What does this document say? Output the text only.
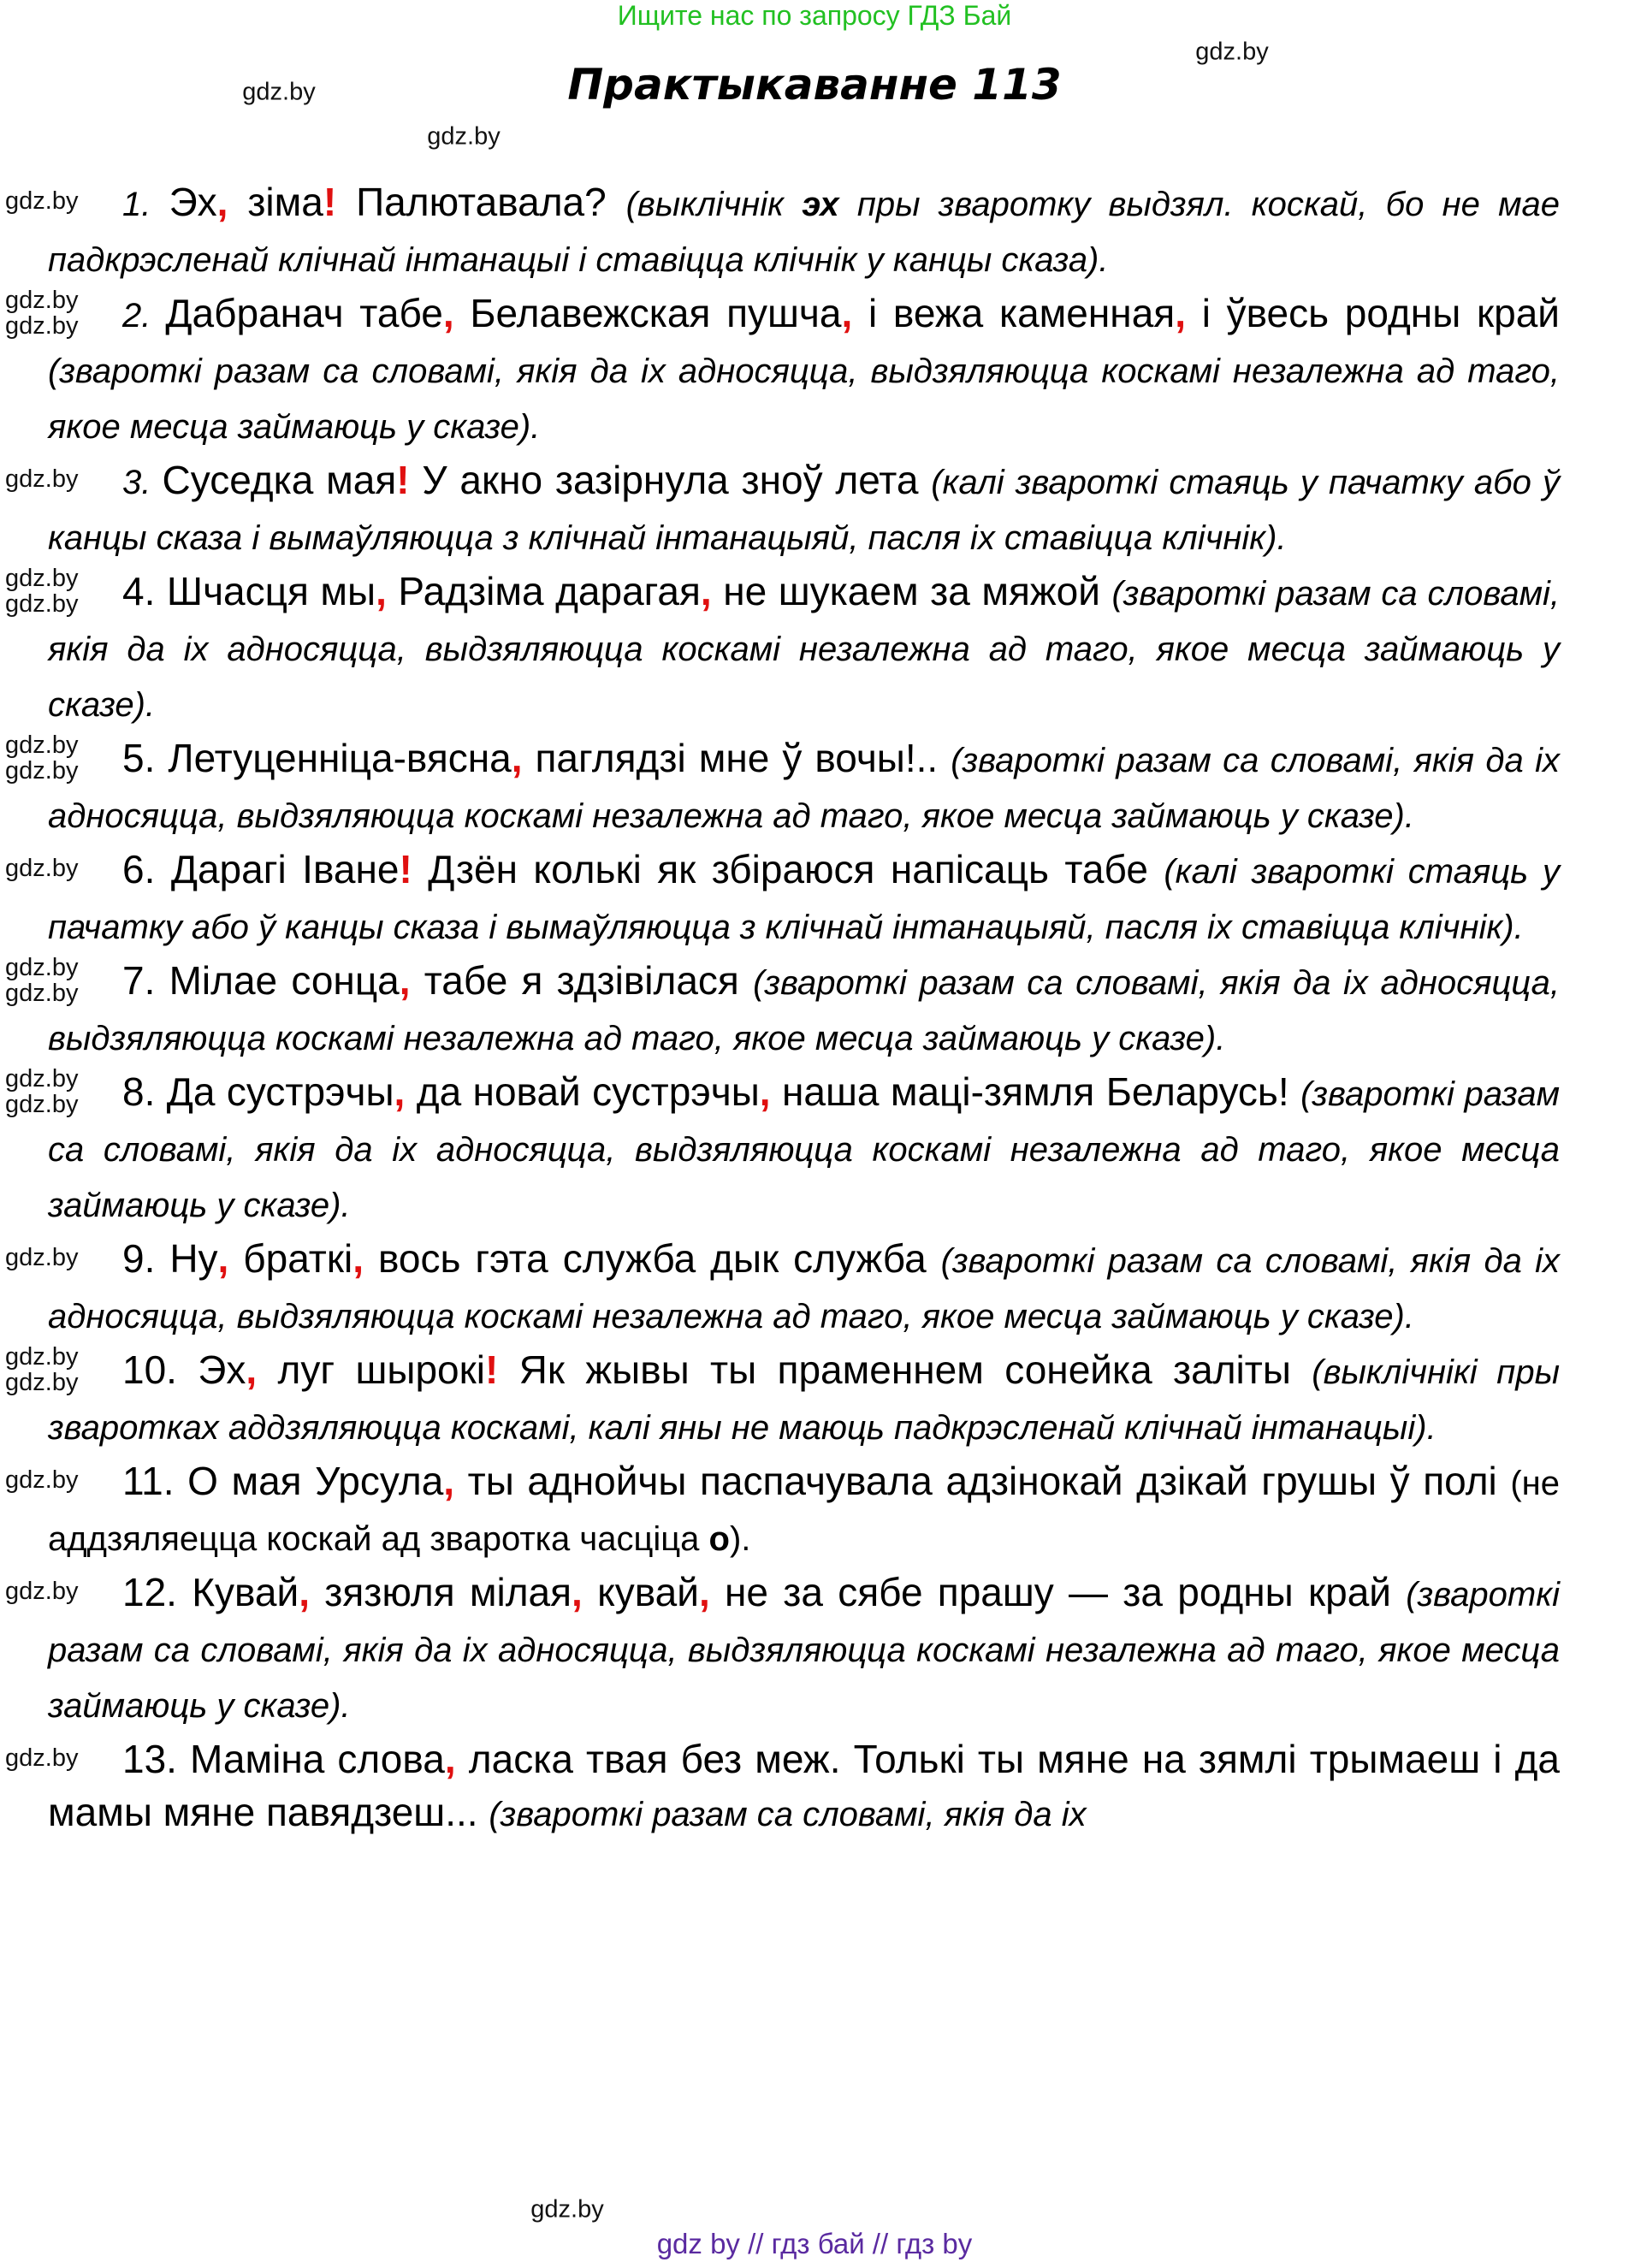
Ищите нас по запросу ГДЗ Бай
Практыкаванне 113

1. Эх, зіма! Палютавала? (выклічнік эх пры зваротку выдзял. коскай, бо не мае падкрэсленай клічнай інтанацыі і ставіцца клічнік у канцы сказа).

gdz.by

2. Дабранач табе, Белавежская пушча, і вежа каменная, і ўвесь родны край (звароткі разам са словамі, якія да іх адносяцца, выдзяляюцца коскамі незалежна ад таго, якое месца займаюць у сказе).

gdz.by
gdz.by

3. Суседка мая! У акно зазірнула зноў лета (калі звароткі стаяць у пачатку або ў канцы сказа і вымаўляюцца з клічнай інтанацыяй, пасля іх ставіцца клічнік).

gdz.by

4. Шчасця мы, Радзіма дарагая, не шукаем за мяжой (звароткі разам са словамі, якія да іх адносяцца, выдзяляюцца коскамі незалежна ад таго, якое месца займаюць у сказе).

gdz.by
gdz.by

5. Летуценніца-вясна, паглядзі мне ў вочы!.. (звароткі разам са словамі, якія да іх адносяцца, выдзяляюцца коскамі незалежна ад таго, якое месца займаюць у сказе).

gdz.by
gdz.by

6. Дарагі Іване! Дзён колькі як збіраюся напісаць табе (калі звароткі стаяць у пачатку або ў канцы сказа і вымаўляюцца з клічнай інтанацыяй, пасля іх ставіцца клічнік).

gdz.by

7. Мілае сонца, табе я здзівілася (звароткі разам са словамі, якія да іх адносяцца, выдзяляюцца коскамі незалежна ад таго, якое месца займаюць у сказе).

gdz.by
gdz.by

8. Да сустрэчы, да новай сустрэчы, наша маці-зямля Беларусь! (звароткі разам са словамі, якія да іх адносяцца, выдзяляюцца коскамі незалежна ад таго, якое месца займаюць у сказе).

gdz.by
gdz.by

9. Ну, браткі, вось гэта служба дык служба (звароткі разам са словамі, якія да іх адносяцца, выдзяляюцца коскамі незалежна ад таго, якое месца займаюць у сказе).

gdz.by

10. Эх, луг шырокі! Як жывы ты праменнем сонейка заліты (выклічнікі пры зваротках аддзяляюцца коскамі, калі яны не маюць падкрэсленай клічнай інтанацыі).

gdz.by
gdz.by

11. О мая Урсула, ты аднойчы паспачувала адзінокай дзікай грушы ў полі (не аддзяляецца коскай ад зваротка часціца о).

gdz.by

12. Кувай, зязюля мілая, кувай, не за сябе прашу — за родны край (звароткі разам са словамі, якія да іх адносяцца, выдзяляюцца коскамі незалежна ад таго, якое месца займаюць у сказе).

gdz.by

13. Маміна слова, ласка твая без меж. Толькі ты мяне на зямлі трымаеш і да мамы мяне павядзеш... (звароткі разам са словамі, якія да іх

gdz.by
gdz.by
gdz.by
gdz.by
gdz.by
gdz by // гдз бай // гдз by
